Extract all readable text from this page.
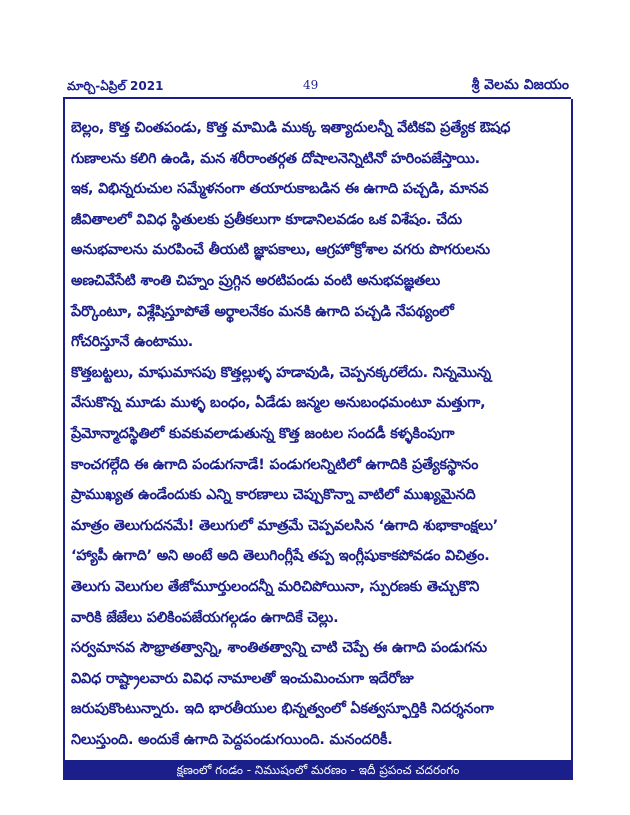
మార్చి-ఏప్రిల్ 2021	49	శ్రీ వెలమ విజయం
బెల్లం, కొత్త చింతపండు, కొత్త మామిడి ముక్క ఇత్యాదులన్నీ వేటికవి ప్రత్యేక ఔషధ
గుణాలను కలిగి ఉండి, మన శరీరాంతర్గత దోషాలనెన్నిటినో హరింపజేస్తాయి.
ఇక, విభిన్నరుచుల సమ్మేళనంగా తయారుకాబడిన ఈ ఉగాది పచ్చడి, మానవ
జీవితాలలో వివిధ స్థితులకు ప్రతీకలుగా కూడానిలవడం ఒక విశేషం. చేదు
అనుభవాలను మరపించే తీయటి జ్ఞాపకాలు, ఆగ్రహోక్రోశాల వగరు పొగరులను
అణచివేసేటి శాంతి చిహ్నం ప్రుగ్గిన అరటిపండు వంటి అనుభవజ్ఞతలు
పేర్కొంటూ, విశ్లేషిస్తూపోతే అర్థాలనేకం మనకి ఉగాది పచ్చడి నేపథ్యంలో
గోచరిస్తూనే ఉంటాము.
కొత్తబట్టలు, మాఘమాసపు కొత్తల్లుళ్ళ హడావుడి, చెప్పనక్కరలేదు. నిన్నమొన్న
వేసుకొన్న మూడు ముళ్ళ బంధం, ఏడేడు జన్మల అనుబంధమంటూ మత్తుగా,
ప్రేమోన్మాదస్థితిలో కువకువలాడుతున్న కొత్త జంటల సందడీ కళ్ళకింపుగా
కాంచగల్గేది ఈ ఉగాది పండుగనాడే! పండుగలన్నిటిలో ఉగాదికి ప్రత్యేకస్థానం
ప్రాముఖ్యత ఉండేందుకు ఎన్ని కారణాలు చెప్పుకొన్నా వాటిలో ముఖ్యమైనది
మాత్రం తెలుగుదనమే! తెలుగులో మాత్రమే చెప్పవలసిన ‘ఉగాది శుభాకాంక్షలు’
‘హ్యాపీ ఉగాది’ అని అంటే అది తెలుగింగ్లీషే తప్ప ఇంగ్లీషుకాకపోవడం విచిత్రం.
తెలుగు వెలుగుల తేజోమూర్తులందన్నీ మరిచిపోయినా, స్పురణకు తెచ్చుకొని
వారికి జేజేలు పలికింపజేయగల్గడం ఉగాదికే చెల్లు.
సర్వమానవ సౌభ్రాతత్వాన్ని, శాంతితత్వాన్ని చాటి చెప్పే ఈ ఉగాది పండుగను
వివిధ రాష్ట్రాలవారు వివిధ నామాలతో ఇంచుమించుగా ఇదేరోజు
జరుపుకొంటున్నారు. ఇది భారతీయుల భిన్నత్వంలో ఏకత్వస్ఫూర్తికి నిదర్శనంగా
నిలుస్తుంది. అందుకే ఉగాది పెద్దపండుగయింది. మనందరికీ.
క్షణంలో గండం - నిముషంలో మరణం - ఇదీ ప్రపంచ చదరంగం
